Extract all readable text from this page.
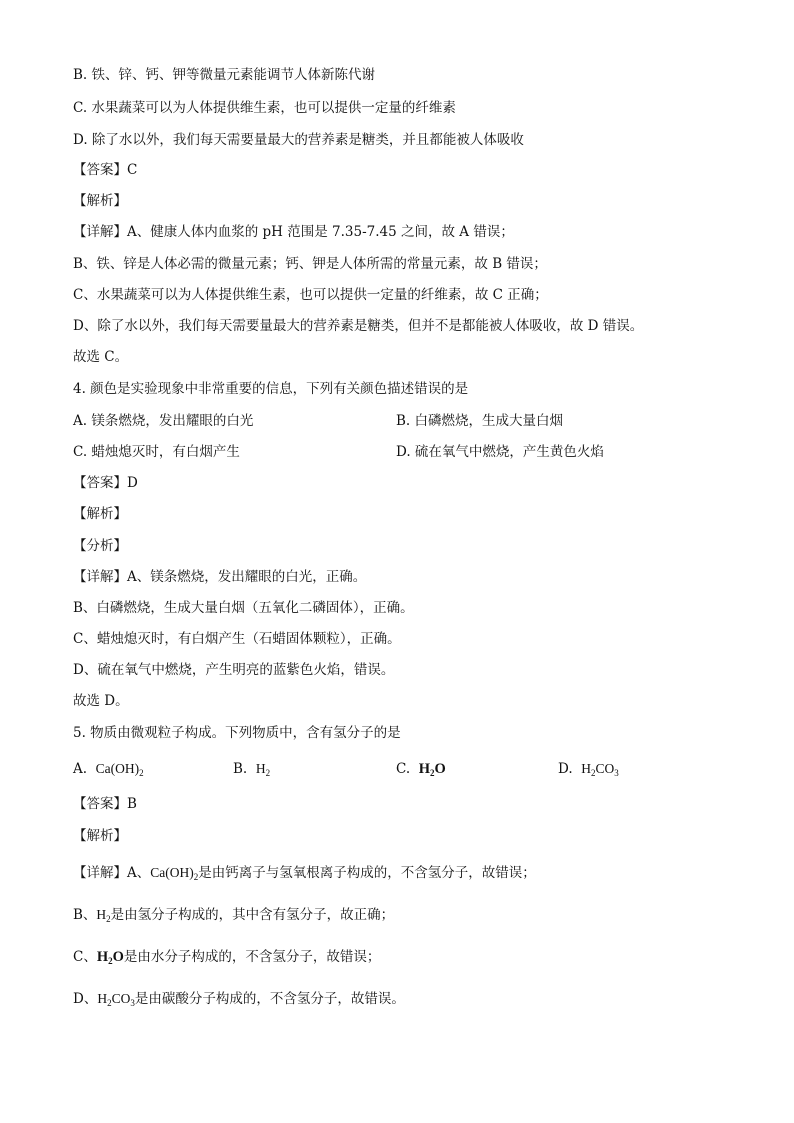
B. 铁、锌、钙、钾等微量元素能调节人体新陈代谢
C. 水果蔬菜可以为人体提供维生素，也可以提供一定量的纤维素
D. 除了水以外，我们每天需要量最大的营养素是糖类，并且都能被人体吸收
【答案】C
【解析】
【详解】A、健康人体内血浆的 pH 范围是 7.35-7.45 之间，故 A 错误；
B、铁、锌是人体必需的微量元素；钙、钾是人体所需的常量元素，故 B 错误；
C、水果蔬菜可以为人体提供维生素，也可以提供一定量的纤维素，故 C 正确；
D、除了水以外，我们每天需要量最大的营养素是糖类，但并不是都能被人体吸收，故 D 错误。
故选 C。
4. 颜色是实验现象中非常重要的信息，下列有关颜色描述错误的是
A. 镁条燃烧，发出耀眼的白光	B. 白磷燃烧，生成大量白烟
C. 蜡烛熄灭时，有白烟产生	D. 硫在氧气中燃烧，产生黄色火焰
【答案】D
【解析】
【分析】
【详解】A、镁条燃烧，发出耀眼的白光，正确。
B、白磷燃烧，生成大量白烟（五氧化二磷固体），正确。
C、蜡烛熄灭时，有白烟产生（石蜡固体颗粒），正确。
D、硫在氧气中燃烧，产生明亮的蓝紫色火焰，错误。
故选 D。
5. 物质由微观粒子构成。下列物质中，含有氢分子的是
A. $Ca(OH)_2$	B. $H_2$	C. $H_2O$	D. $H_2CO_3$
【答案】B
【解析】
【详解】A、$Ca(OH)_2$是由钙离子与氢氧根离子构成的，不含氢分子，故错误；
B、$H_2$是由氢分子构成的，其中含有氢分子，故正确；
C、$H_2O$是由水分子构成的，不含氢分子，故错误；
D、$H_2CO_3$是由碳酸分子构成的，不含氢分子，故错误。
